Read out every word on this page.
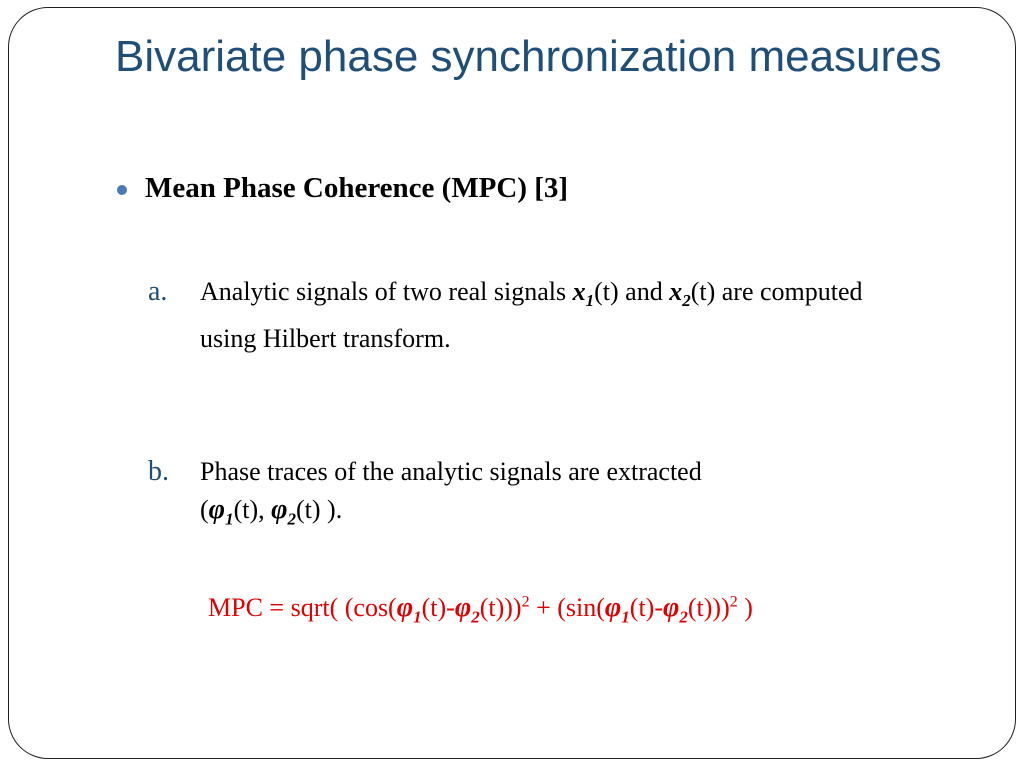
Bivariate phase synchronization measures
Mean Phase Coherence (MPC) [3]
a.	Analytic signals of two real signals $x_1(t)$ and $x_2(t)$ are computed using Hilbert transform.
b.	Phase traces of the analytic signals are extracted
($\varphi_1(t)$, $\varphi_2(t)$ ).
MPC = sqrt( $(\cos(\varphi_1(t)-\varphi_2(t)))^2 + (\sin(\varphi_1(t)-\varphi_2(t)))^2$ )
